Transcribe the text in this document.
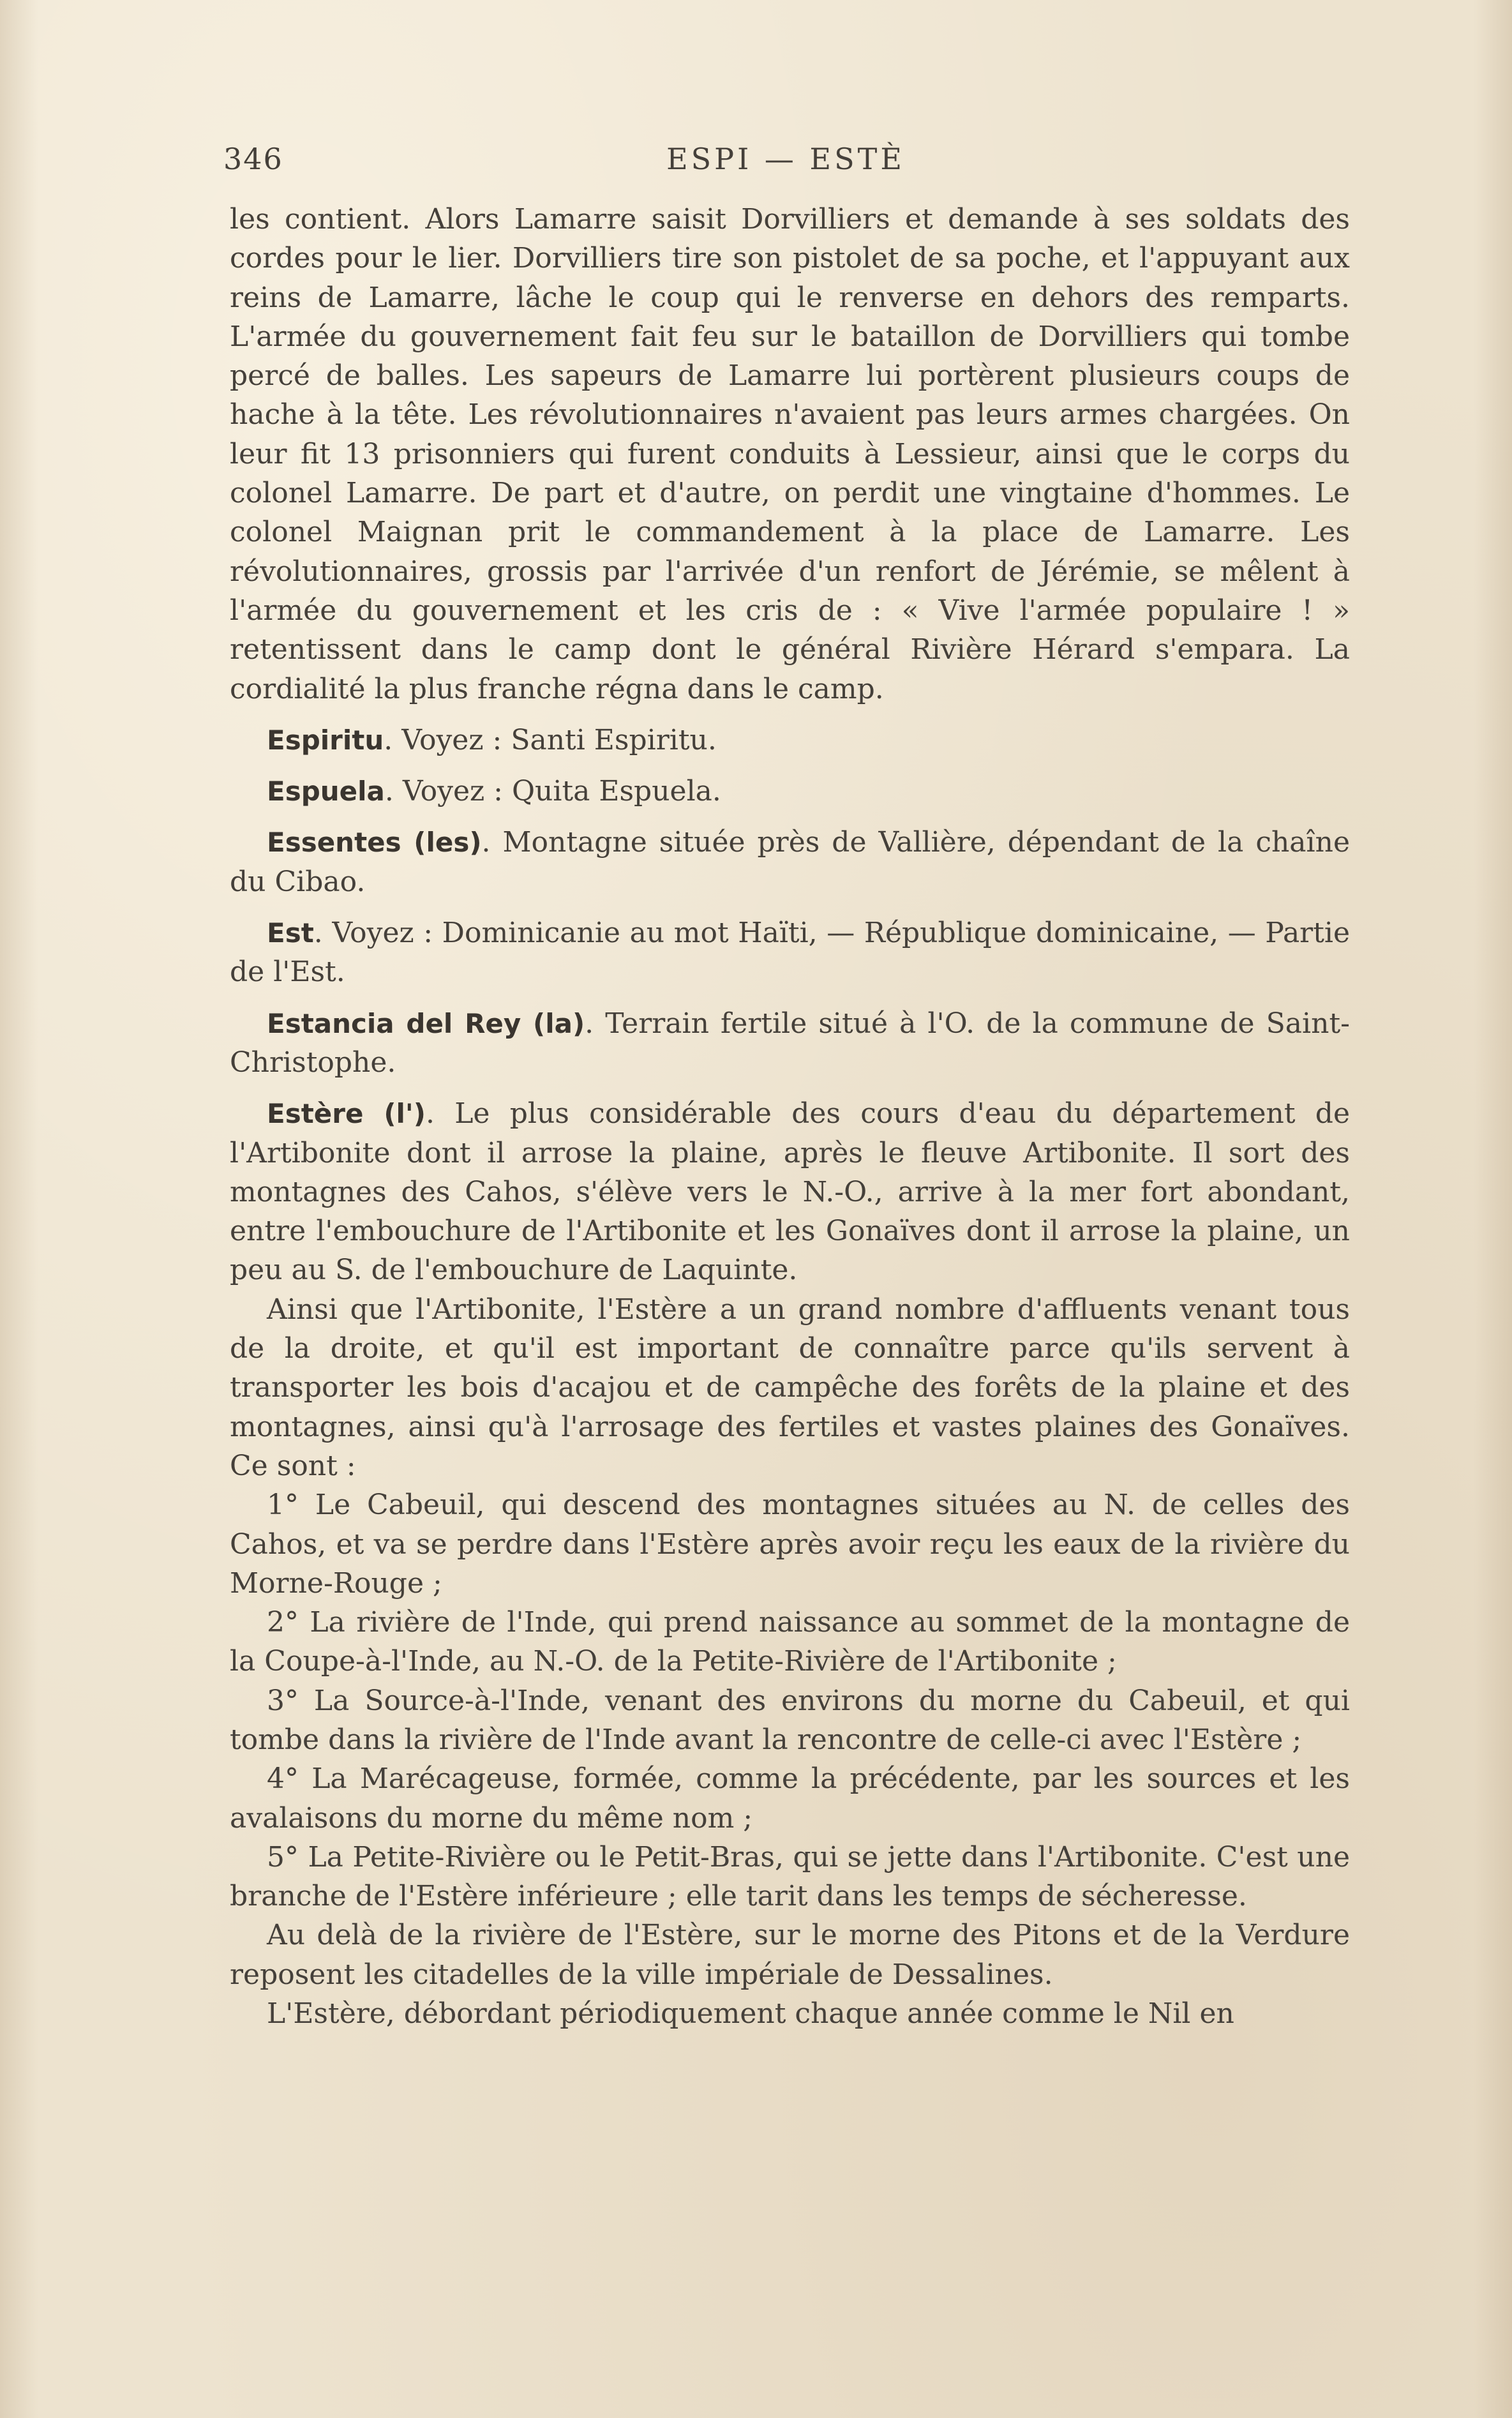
346	ESPI — ESTÈ

les contient. Alors Lamarre saisit Dorvilliers et demande à ses soldats des cordes pour le lier. Dorvilliers tire son pistolet de sa poche, et l'appuyant aux reins de Lamarre, lâche le coup qui le renverse en dehors des remparts. L'armée du gouvernement fait feu sur le bataillon de Dorvilliers qui tombe percé de balles. Les sapeurs de Lamarre lui portèrent plusieurs coups de hache à la tête. Les révolutionnaires n'avaient pas leurs armes chargées. On leur fit 13 prisonniers qui furent conduits à Lessieur, ainsi que le corps du colonel Lamarre. De part et d'autre, on perdit une vingtaine d'hommes. Le colonel Maignan prit le commandement à la place de Lamarre. Les révolutionnaires, grossis par l'arrivée d'un renfort de Jérémie, se mêlent à l'armée du gouvernement et les cris de : « Vive l'armée populaire ! » retentissent dans le camp dont le général Rivière Hérard s'empara. La cordialité la plus franche régna dans le camp.

Espiritu. Voyez : Santi Espiritu.

Espuela. Voyez : Quita Espuela.

Essentes (les). Montagne située près de Vallière, dépendant de la chaîne du Cibao.

Est. Voyez : Dominicanie au mot Haïti, — République dominicaine, — Partie de l'Est.

Estancia del Rey (la). Terrain fertile situé à l'O. de la commune de Saint-Christophe.

Estère (l'). Le plus considérable des cours d'eau du département de l'Artibonite dont il arrose la plaine, après le fleuve Artibonite. Il sort des montagnes des Cahos, s'élève vers le N.-O., arrive à la mer fort abondant, entre l'embouchure de l'Artibonite et les Gonaïves dont il arrose la plaine, un peu au S. de l'embouchure de Laquinte.

Ainsi que l'Artibonite, l'Estère a un grand nombre d'affluents venant tous de la droite, et qu'il est important de connaître parce qu'ils servent à transporter les bois d'acajou et de campêche des forêts de la plaine et des montagnes, ainsi qu'à l'arrosage des fertiles et vastes plaines des Gonaïves. Ce sont :

1° Le Cabeuil, qui descend des montagnes situées au N. de celles des Cahos, et va se perdre dans l'Estère après avoir reçu les eaux de la rivière du Morne-Rouge ;

2° La rivière de l'Inde, qui prend naissance au sommet de la montagne de la Coupe-à-l'Inde, au N.-O. de la Petite-Rivière de l'Artibonite ;

3° La Source-à-l'Inde, venant des environs du morne du Cabeuil, et qui tombe dans la rivière de l'Inde avant la rencontre de celle-ci avec l'Estère ;

4° La Marécageuse, formée, comme la précédente, par les sources et les avalaisons du morne du même nom ;

5° La Petite-Rivière ou le Petit-Bras, qui se jette dans l'Artibonite. C'est une branche de l'Estère inférieure ; elle tarit dans les temps de sécheresse.

Au delà de la rivière de l'Estère, sur le morne des Pitons et de la Verdure reposent les citadelles de la ville impériale de Dessalines.

L'Estère, débordant périodiquement chaque année comme le Nil en
